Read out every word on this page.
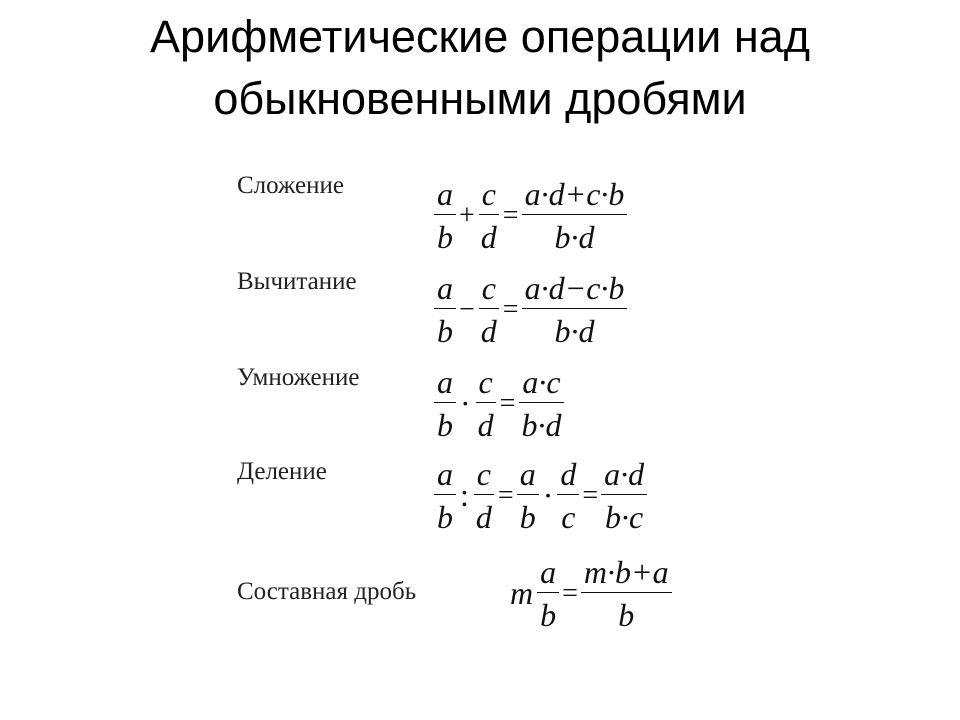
Арифметические операции над
обыкновенными дробями
Сложение	$\frac{a}{b} + \frac{c}{d} = \frac{a\cdot d+c\cdot b}{b\cdot d}$
Вычитание $\frac{a}{b} - \frac{c}{d} = \frac{a\cdot d-c\cdot b}{b\cdot d}$
Умножение $\frac{a}{b} \cdot \frac{c}{d} = \frac{a\cdot c}{b\cdot d}$
Деление	$\frac{a}{b}$ : $\frac{c}{d} = \frac{a}{b} \cdot \frac{d}{c} = \frac{a\cdot d}{b\cdot c}$
Составная дробь	m $\frac{a}{b} = \frac{m\cdot b+a}{b}$
